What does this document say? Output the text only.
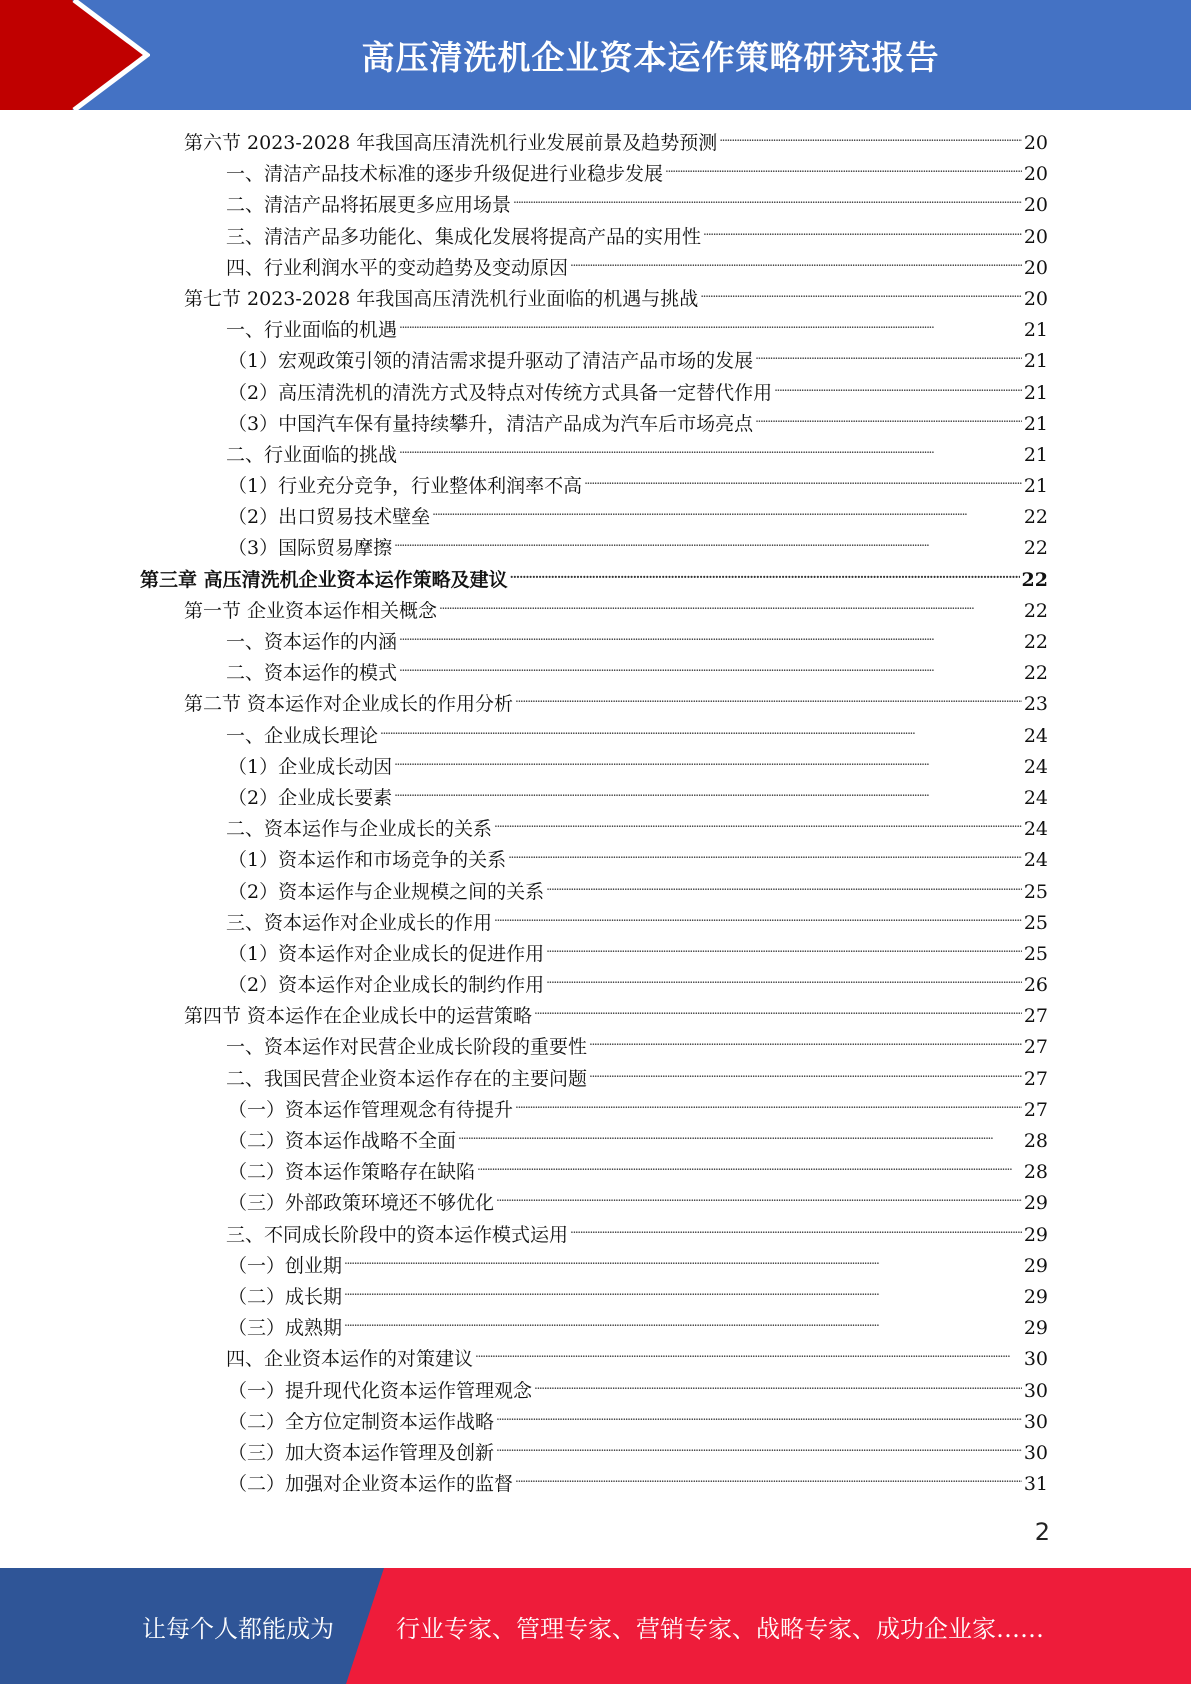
高压清洗机企业资本运作策略研究报告
第六节 2023-2028 年我国高压清洗机行业发展前景及趋势预测 . . .	20
一、清洁产品技术标准的逐步升级促进行业稳步发展 . . .	20
二、清洁产品将拓展更多应用场景 . . .	20
三、清洁产品多功能化、集成化发展将提高产品的实用性 . . .	20
四、行业利润水平的变动趋势及变动原因 . . .	20
第七节 2023-2028 年我国高压清洗机行业面临的机遇与挑战 . . .	20
一、行业面临的机遇 . . .	21
（1）宏观政策引领的清洁需求提升驱动了清洁产品市场的发展 . . .	21
（2）高压清洗机的清洗方式及特点对传统方式具备一定替代作用 . . .	21
（3）中国汽车保有量持续攀升，清洁产品成为汽车后市场亮点 . . .	21
二、行业面临的挑战 . . .	21
（1）行业充分竞争，行业整体利润率不高 . . .	21
（2）出口贸易技术壁垒 . . .	22
（3）国际贸易摩擦 . . .	22
第三章 高压清洗机企业资本运作策略及建议 . . .	22
第一节 企业资本运作相关概念 . . .	22
一、资本运作的内涵 . . .	22
二、资本运作的模式 . . .	22
第二节 资本运作对企业成长的作用分析 . . .	23
一、企业成长理论 . . .	24
（1）企业成长动因 . . .	24
（2）企业成长要素 . . .	24
二、资本运作与企业成长的关系 . . .	24
（1）资本运作和市场竞争的关系 . . .	24
（2）资本运作与企业规模之间的关系 . . .	25
三、资本运作对企业成长的作用 . . .	25
（1）资本运作对企业成长的促进作用 . . .	25
（2）资本运作对企业成长的制约作用 . . .	26
第四节 资本运作在企业成长中的运营策略 . . .	27
一、资本运作对民营企业成长阶段的重要性 . . .	27
二、我国民营企业资本运作存在的主要问题 . . .	27
（一）资本运作管理观念有待提升 . . .	27
（二）资本运作战略不全面 . . .	28
（二）资本运作策略存在缺陷 . . .	28
（三）外部政策环境还不够优化 . . .	29
三、不同成长阶段中的资本运作模式运用 . . .	29
（一）创业期 . . .	29
（二）成长期 . . .	29
（三）成熟期 . . .	29
四、企业资本运作的对策建议 . . .	30
（一）提升现代化资本运作管理观念 . . .	30
（二）全方位定制资本运作战略 . . .	30
（三）加大资本运作管理及创新 . . .	30
（二）加强对企业资本运作的监督 . . .	31
2
让每个人都能成为	行业专家、管理专家、营销专家、战略专家、成功企业家……
